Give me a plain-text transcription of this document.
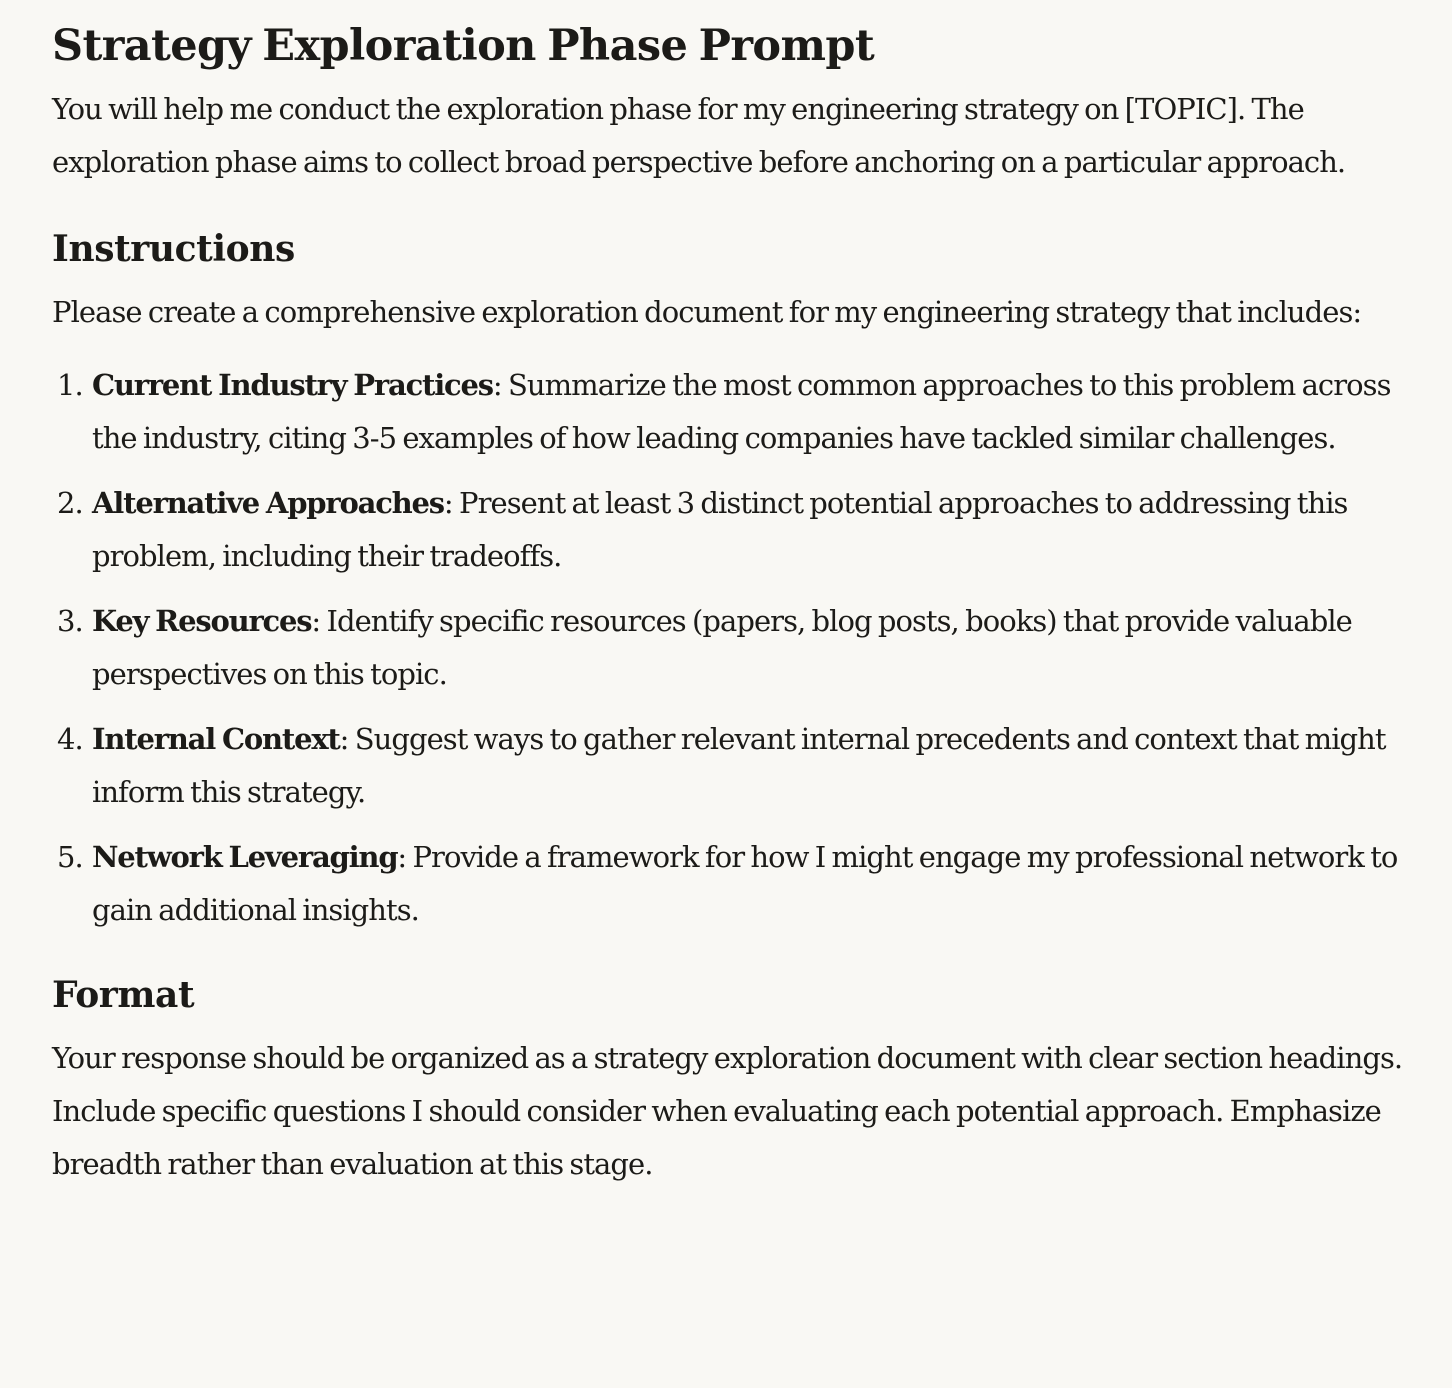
Strategy Exploration Phase Prompt

You will help me conduct the exploration phase for my engineering strategy on [TOPIC]. The exploration phase aims to collect broad perspective before anchoring on a particular approach.

Instructions

Please create a comprehensive exploration document for my engineering strategy that includes:

1. Current Industry Practices: Summarize the most common approaches to this problem across the industry, citing 3-5 examples of how leading companies have tackled similar challenges.
2. Alternative Approaches: Present at least 3 distinct potential approaches to addressing this problem, including their tradeoffs.
3. Key Resources: Identify specific resources (papers, blog posts, books) that provide valuable perspectives on this topic.
4. Internal Context: Suggest ways to gather relevant internal precedents and context that might inform this strategy.
5. Network Leveraging: Provide a framework for how I might engage my professional network to gain additional insights.
Format

Your response should be organized as a strategy exploration document with clear section headings. Include specific questions I should consider when evaluating each potential approach. Emphasize breadth rather than evaluation at this stage.
